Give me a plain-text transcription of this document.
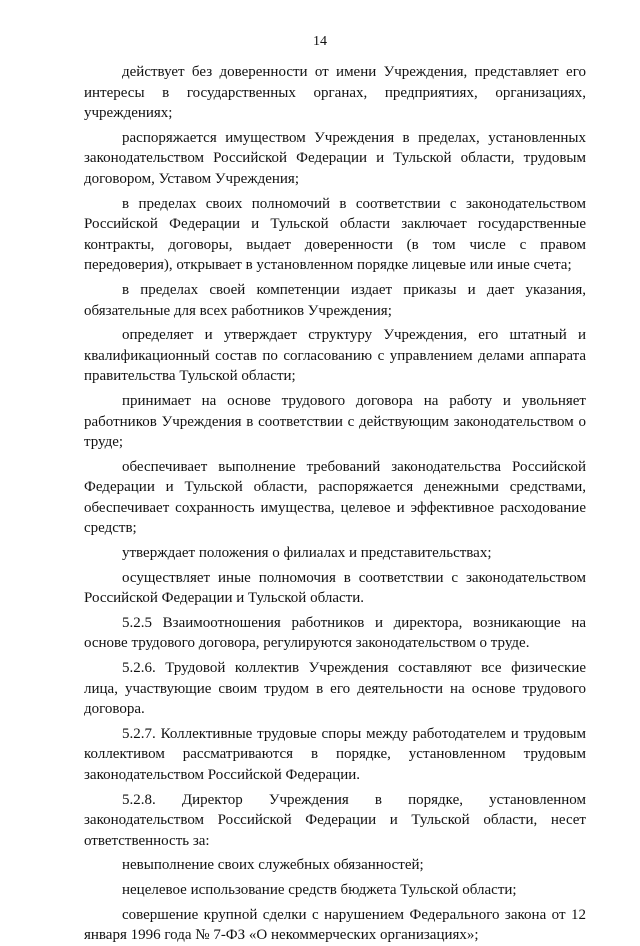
14

действует без доверенности от имени Учреждения, представляет его интересы в государственных органах, предприятиях, организациях, учреждениях;

распоряжается имуществом Учреждения в пределах, установленных законодательством Российской Федерации и Тульской области, трудовым договором, Уставом Учреждения;

в пределах своих полномочий в соответствии с законодательством Российской Федерации и Тульской области заключает государственные контракты, договоры, выдает доверенности (в том числе с правом передоверия), открывает в установленном порядке лицевые или иные счета;

в пределах своей компетенции издает приказы и дает указания, обязательные для всех работников Учреждения;

определяет и утверждает структуру Учреждения, его штатный и квалификационный состав по согласованию с управлением делами аппарата правительства Тульской области;

принимает на основе трудового договора на работу и увольняет работников Учреждения в соответствии с действующим законодательством о труде;

обеспечивает выполнение требований законодательства Российской Федерации и Тульской области, распоряжается денежными средствами, обеспечивает сохранность имущества, целевое и эффективное расходование средств;

утверждает положения о филиалах и представительствах;

осуществляет иные полномочия в соответствии с законодательством Российской Федерации и Тульской области.

5.2.5 Взаимоотношения работников и директора, возникающие на основе трудового договора, регулируются законодательством о труде.

5.2.6. Трудовой коллектив Учреждения составляют все физические лица, участвующие своим трудом в его деятельности на основе трудового договора.

5.2.7. Коллективные трудовые споры между работодателем и трудовым коллективом рассматриваются в порядке, установленном трудовым законодательством Российской Федерации.

5.2.8. Директор Учреждения в порядке, установленном законодательством Российской Федерации и Тульской области, несет ответственность за:

невыполнение своих служебных обязанностей;

нецелевое использование средств бюджета Тульской области;

совершение крупной сделки с нарушением Федерального закона от 12 января 1996 года № 7-ФЗ «О некоммерческих организациях»;
